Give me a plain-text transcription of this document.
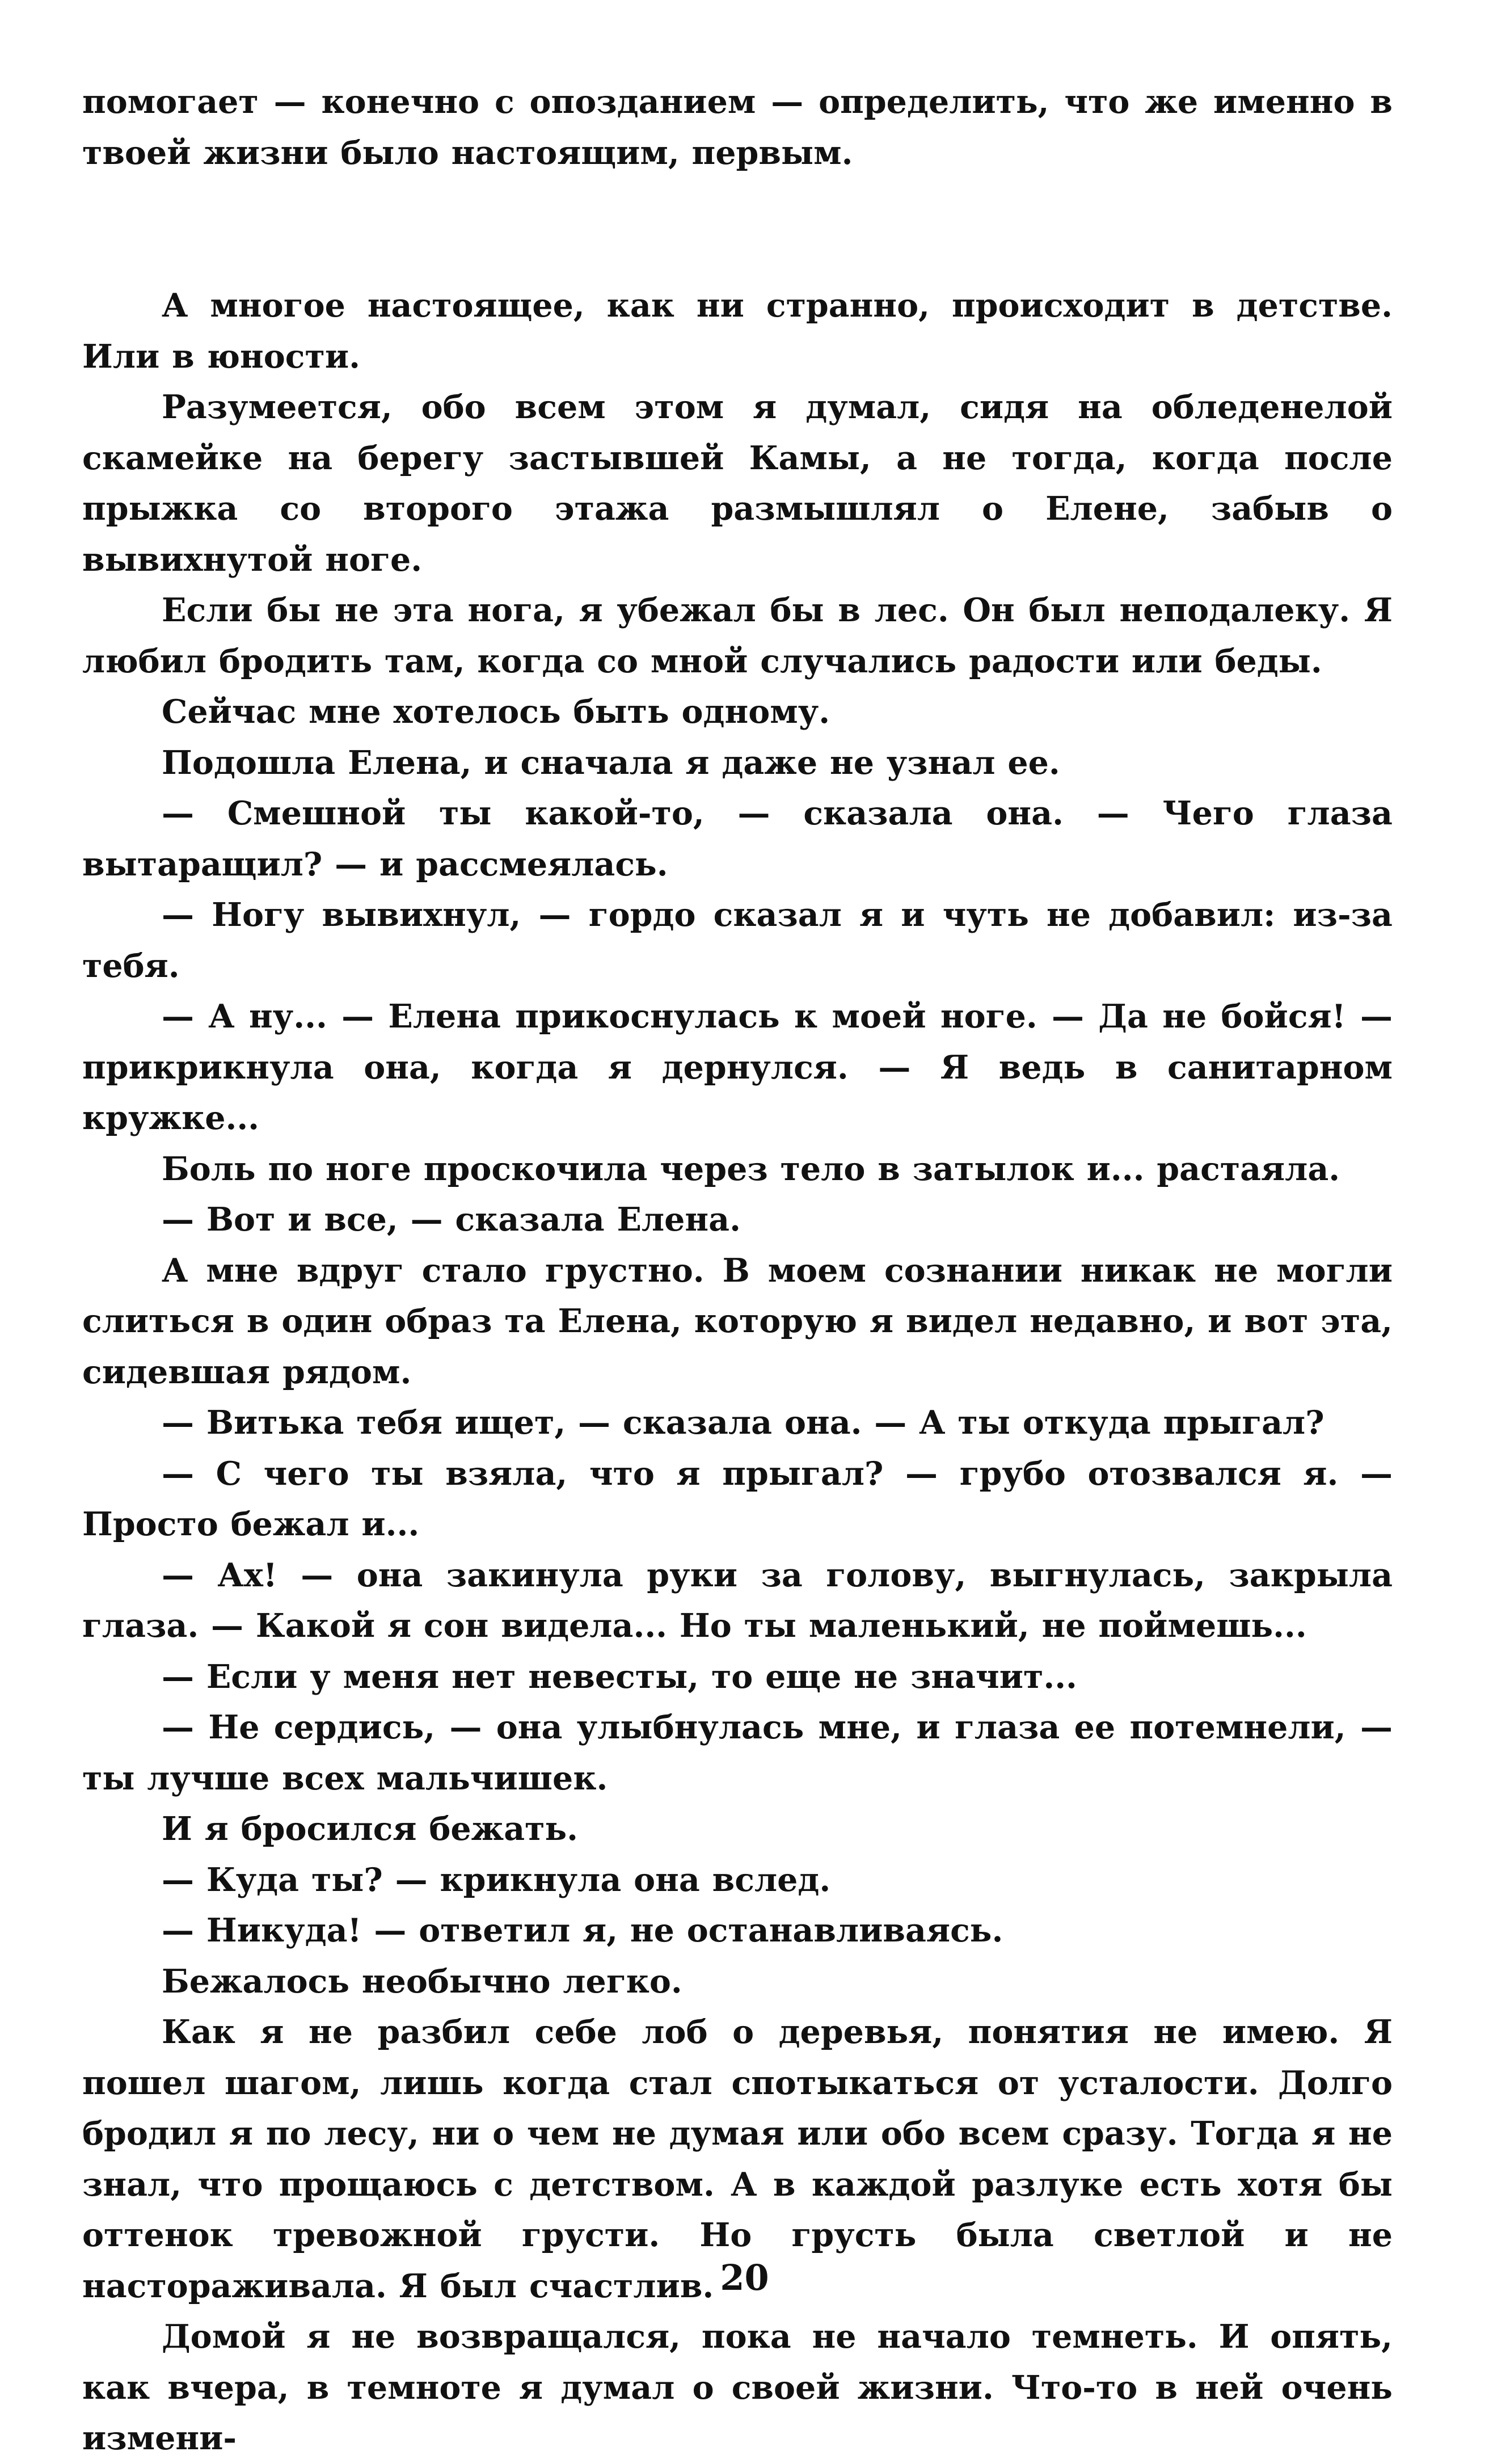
помогает — конечно с опозданием — определить, что же именно в твоей жизни было настоящим, первым.

А многое настоящее, как ни странно, происходит в детстве. Или в юности.

Разумеется, обо всем этом я думал, сидя на обледенелой скамейке на берегу застывшей Камы, а не тогда, когда после прыжка со второго этажа размышлял о Елене, забыв о вывихнутой ноге.

Если бы не эта нога, я убежал бы в лес. Он был неподалеку. Я любил бродить там, когда со мной случались радости или беды.

Сейчас мне хотелось быть одному.

Подошла Елена, и сначала я даже не узнал ее.

— Смешной ты какой-то, — сказала она. — Чего глаза вытаращил? — и рассмеялась.

— Ногу вывихнул, — гордо сказал я и чуть не добавил: из-за тебя.

— А ну... — Елена прикоснулась к моей ноге. — Да не бойся! — прикрикнула она, когда я дернулся. — Я ведь в санитарном кружке...

Боль по ноге проскочила через тело в затылок и... растаяла.

— Вот и все, — сказала Елена.

А мне вдруг стало грустно. В моем сознании никак не могли слиться в один образ та Елена, которую я видел недавно, и вот эта, сидевшая рядом.

— Витька тебя ищет, — сказала она. — А ты откуда прыгал?

— С чего ты взяла, что я прыгал? — грубо отозвался я. — Просто бежал и...

— Ах! — она закинула руки за голову, выгнулась, закрыла глаза. — Какой я сон видела... Но ты маленький, не поймешь...

— Если у меня нет невесты, то еще не значит...

— Не сердись, — она улыбнулась мне, и глаза ее потемнели, — ты лучше всех мальчишек.

И я бросился бежать.

— Куда ты? — крикнула она вслед.

— Никуда! — ответил я, не останавливаясь.

Бежалось необычно легко.

Как я не разбил себе лоб о деревья, понятия не имею. Я пошел шагом, лишь когда стал спотыкаться от усталости. Долго бродил я по лесу, ни о чем не думая или обо всем сразу. Тогда я не знал, что прощаюсь с детством. А в каждой разлуке есть хотя бы оттенок тревожной грусти. Но грусть была светлой и не настораживала. Я был счастлив.

Домой я не возвращался, пока не начало темнеть. И опять, как вчера, в темноте я думал о своей жизни. Что-то в ней очень измени-

20
